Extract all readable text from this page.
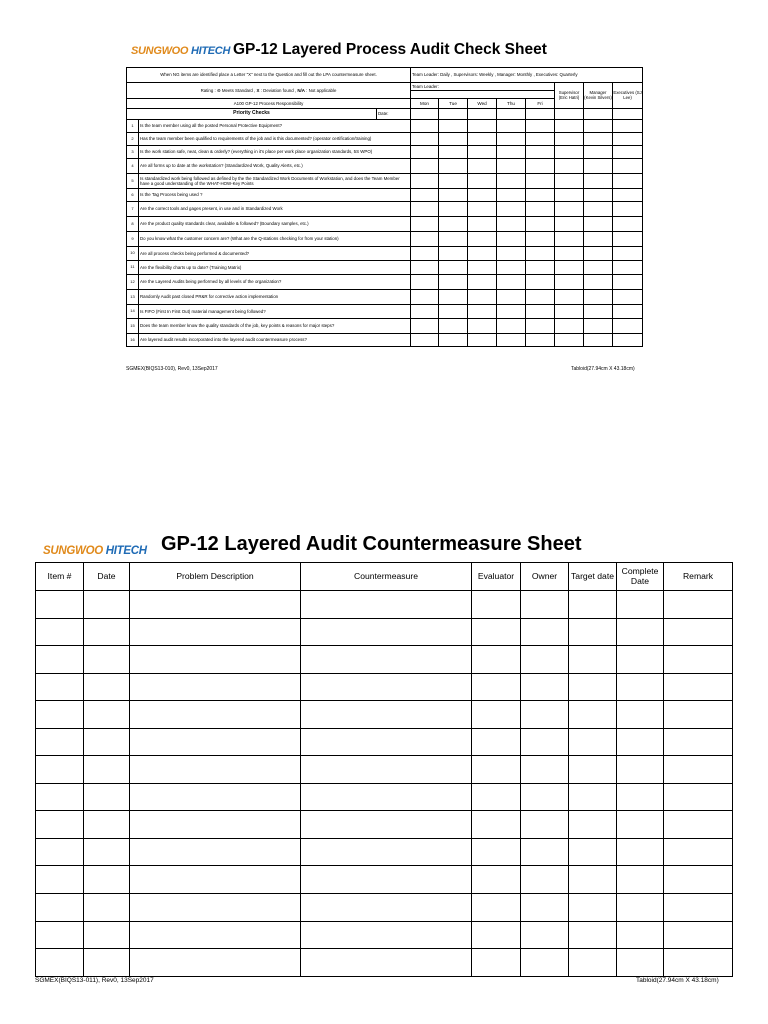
SUNGWOO HITECH GP-12 Layered Process Audit Check Sheet
When NG items are identified place a Letter "X" next to the Question and fill out the LPA countermeasure sheet.			Team Leader: Daily , Supervisors: Weekly , Manager: Monthly , Executives: Quarterly							
Rating : ⊙ Meets Standard , X : Deviation found , N/A : Not applicable			Team Leader:					Supervisor (Eric Hatri)	Manager (Kevin Silvers)	Executives (SJ Lee)

A100 GP-12 Process Responsibility			Mon	Tue	Wed	Thu	Fri			
Priority Checks		Date:								
1	Is the team member using all the posted Personal Protective Equipment?									
2	Has the team member been qualified to requirements of the job and is this documented? (operator certification/training)									
3	Is the work station safe, neat, clean & orderly? (everything in it's place per work place organization standards, 5S WPO)									
4	Are all forms up to date at the workstation? (Standardized Work, Quality Alerts, etc.)									
5	Is standardized work being followed as defined by the the Standardized Work Documents of Workstation, and does the Team Member have a good understanding of the WHAT-HOW-Key Points									
6	Is the Tag Process being used ?									
7	Are the correct tools and gages present, in use and in Standardized Work									
8	Are the product quality standards clear, available & followed? (Boundary samples, etc.)									
9	Do you know what the customer concern are? (What are the Q-stations checking for from your station)									
10	Are all process checks being performed & documented?									
11	Are the flexibility charts up to date? (Training Matrix)									
12	Are the Layered Audits being performed by all levels of the organization?									
13	Randomly Audit past closed PR&R for corrective action implementation									
14	Is FIFO (First In First Out) material management being followed?									
15	Does the team member know the quality standards of the job, key points & reasons for major steps?									
16	Are layered audit results incorporated into the layered audit countermeasure process?									
SGMEX(BIQS13-010), Rev0, 13Sep2017	Tabloid(27.94cm X 43.18cm)
SUNGWOO HITECH GP-12 Layered Audit Countermeasure Sheet
Item #	Date	Problem Description	Countermeasure	Evaluator	Owner	Target date	Complete Date	Remark

SGMEX(BIQS13-011), Rev0, 13Sep2017	Tabloid(27.94cm X 43.18cm)
